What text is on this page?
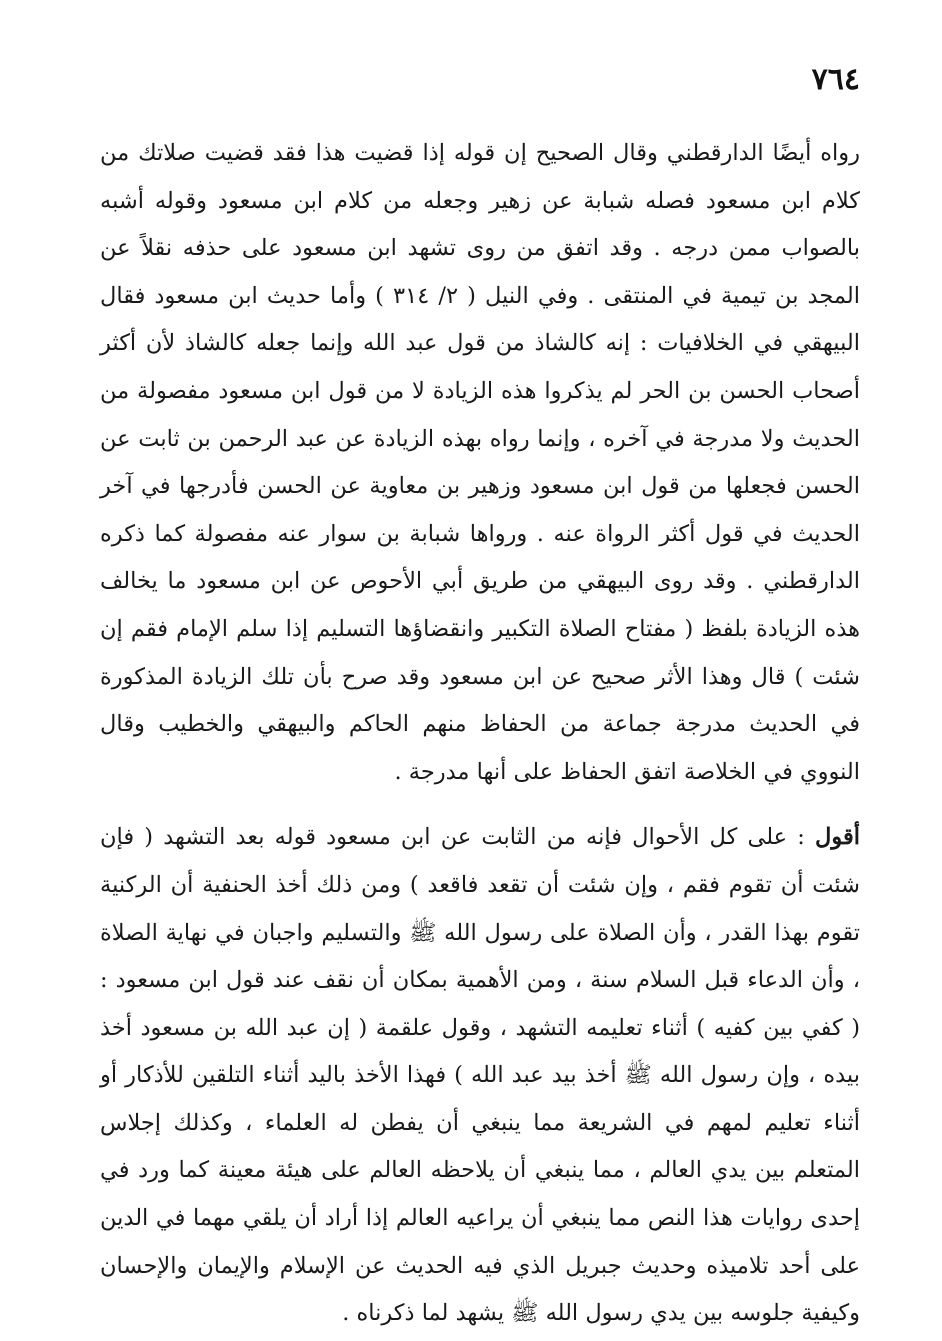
٧٦٤

رواه أيضًا الدارقطني وقال الصحيح إن قوله إذا قضيت هذا فقد قضيت صلاتك من كلام ابن مسعود فصله شبابة عن زهير وجعله من كلام ابن مسعود وقوله أشبه بالصواب ممن درجه . وقد اتفق من روى تشهد ابن مسعود على حذفه نقلاً عن المجد بن تيمية في المنتقى . وفي النيل ( ٢/ ٣١٤ ) وأما حديث ابن مسعود فقال البيهقي في الخلافيات : إنه كالشاذ من قول عبد الله وإنما جعله كالشاذ لأن أكثر أصحاب الحسن بن الحر لم يذكروا هذه الزيادة لا من قول ابن مسعود مفصولة من الحديث ولا مدرجة في آخره ، وإنما رواه بهذه الزيادة عن عبد الرحمن بن ثابت عن الحسن فجعلها من قول ابن مسعود وزهير بن معاوية عن الحسن فأدرجها في آخر الحديث في قول أكثر الرواة عنه . ورواها شبابة بن سوار عنه مفصولة كما ذكره الدارقطني . وقد روى البيهقي من طريق أبي الأحوص عن ابن مسعود ما يخالف هذه الزيادة بلفظ ( مفتاح الصلاة التكبير وانقضاؤها التسليم إذا سلم الإمام فقم إن شئت ) قال وهذا الأثر صحيح عن ابن مسعود وقد صرح بأن تلك الزيادة المذكورة في الحديث مدرجة جماعة من الحفاظ منهم الحاكم والبيهقي والخطيب وقال النووي في الخلاصة اتفق الحفاظ على أنها مدرجة .

أقول : على كل الأحوال فإنه من الثابت عن ابن مسعود قوله بعد التشهد ( فإن شئت أن تقوم فقم ، وإن شئت أن تقعد فاقعد ) ومن ذلك أخذ الحنفية أن الركنية تقوم بهذا القدر ، وأن الصلاة على رسول الله ﷺ والتسليم واجبان في نهاية الصلاة ، وأن الدعاء قبل السلام سنة ، ومن الأهمية بمكان أن نقف عند قول ابن مسعود : ( كفي بين كفيه ) أثناء تعليمه التشهد ، وقول علقمة ( إن عبد الله بن مسعود أخذ بيده ، وإن رسول الله ﷺ أخذ بيد عبد الله ) فهذا الأخذ باليد أثناء التلقين للأذكار أو أثناء تعليم لمهم في الشريعة مما ينبغي أن يفطن له العلماء ، وكذلك إجلاس المتعلم بين يدي العالم ، مما ينبغي أن يلاحظه العالم على هيئة معينة كما ورد في إحدى روايات هذا النص مما ينبغي أن يراعيه العالم إذا أراد أن يلقي مهما في الدين على أحد تلاميذه وحديث جبريل الذي فيه الحديث عن الإسلام والإيمان والإحسان وكيفية جلوسه بين يدي رسول الله ﷺ يشهد لما ذكرناه .
